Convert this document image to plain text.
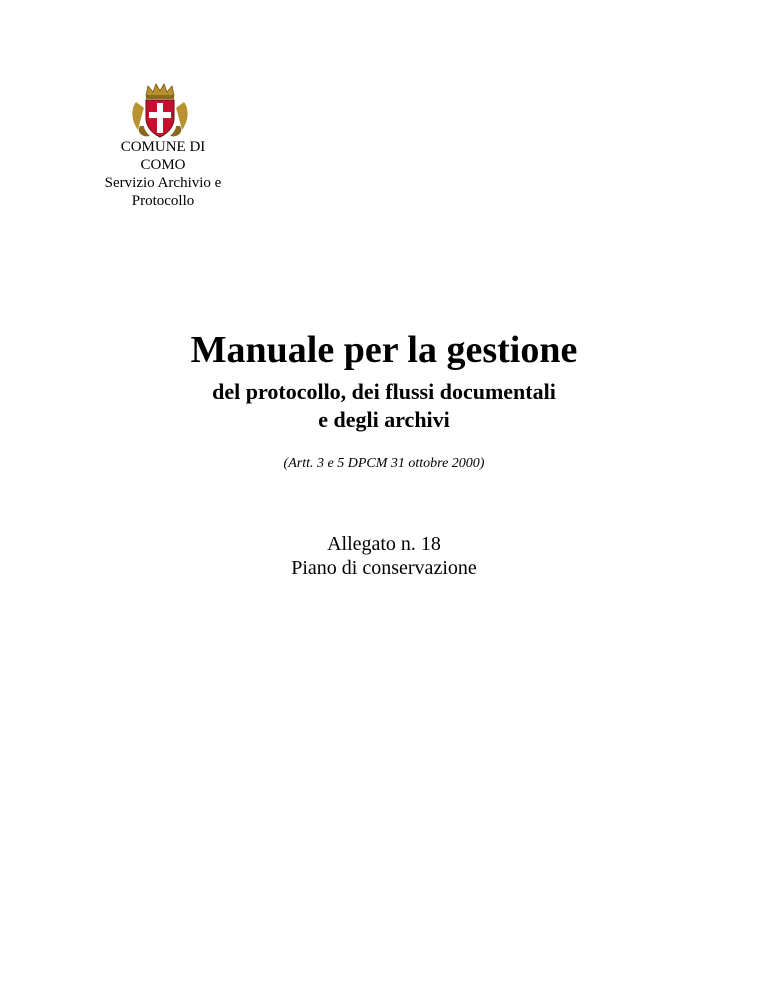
COMUNE DI
COMO
Servizio Archivio e
Protocollo
Manuale per la gestione
del protocollo, dei flussi documentali
e degli archivi
(Artt. 3 e 5 DPCM 31 ottobre 2000)
Allegato n. 18
Piano di conservazione
